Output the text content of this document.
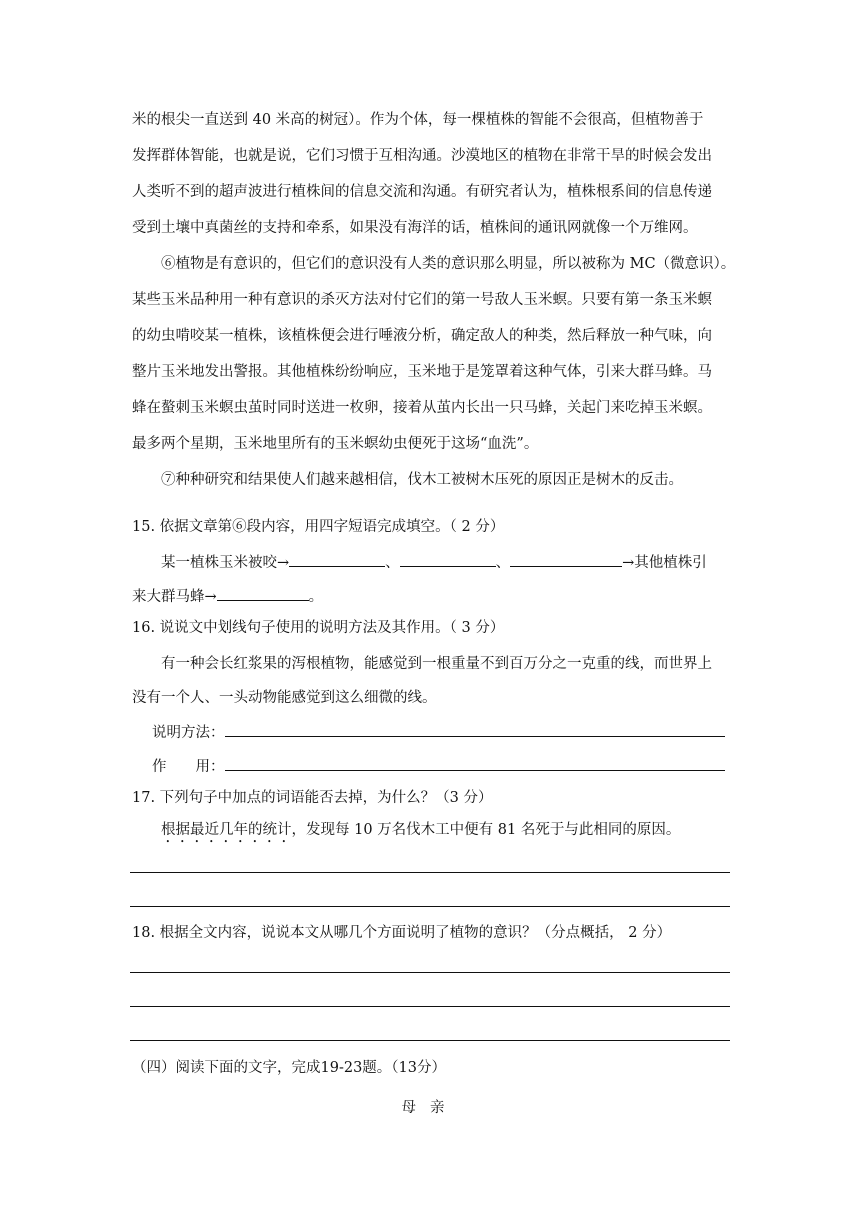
米的根尖一直送到 40 米高的树冠）。作为个体，每一棵植株的智能不会很高，但植物善于
发挥群体智能，也就是说，它们习惯于互相沟通。沙漠地区的植物在非常干旱的时候会发出
人类听不到的超声波进行植株间的信息交流和沟通。有研究者认为，植株根系间的信息传递
受到土壤中真菌丝的支持和牵系，如果没有海洋的话，植株间的通讯网就像一个万维网。
⑥植物是有意识的，但它们的意识没有人类的意识那么明显，所以被称为 MC（微意识）。
某些玉米品种用一种有意识的杀灭方法对付它们的第一号敌人玉米螟。只要有第一条玉米螟
的幼虫啃咬某一植株，该植株便会进行唾液分析，确定敌人的种类，然后释放一种气味，向
整片玉米地发出警报。其他植株纷纷响应，玉米地于是笼罩着这种气体，引来大群马蜂。马
蜂在螯刺玉米螟虫茧时同时送进一枚卵，接着从茧内长出一只马蜂，关起门来吃掉玉米螟。
最多两个星期，玉米地里所有的玉米螟幼虫便死于这场“血洗”。
⑦种种研究和结果使人们越来越相信，伐木工被树木压死的原因正是树木的反击。
15. 依据文章第⑥段内容，用四字短语完成填空。（ 2 分）
某一植株玉米被咬→	、	、	→其他植株引
来大群马蜂→	。
16. 说说文中划线句子使用的说明方法及其作用。（ 3 分）
有一种会长红浆果的泻根植物，能感觉到一根重量不到百万分之一克重的线，而世界上
没有一个人、一头动物能感觉到这么细微的线。
说明方法：
作　　用：
17. 下列句子中加点的词语能否去掉，为什么？（3 分）
根据最近几年的统计，发现每 10 万名伐木工中便有 81 名死于与此相同的原因。
18. 根据全文内容，说说本文从哪几个方面说明了植物的意识？（分点概括， 2 分）
（四）阅读下面的文字，完成19-23题。（13分）
母亲
